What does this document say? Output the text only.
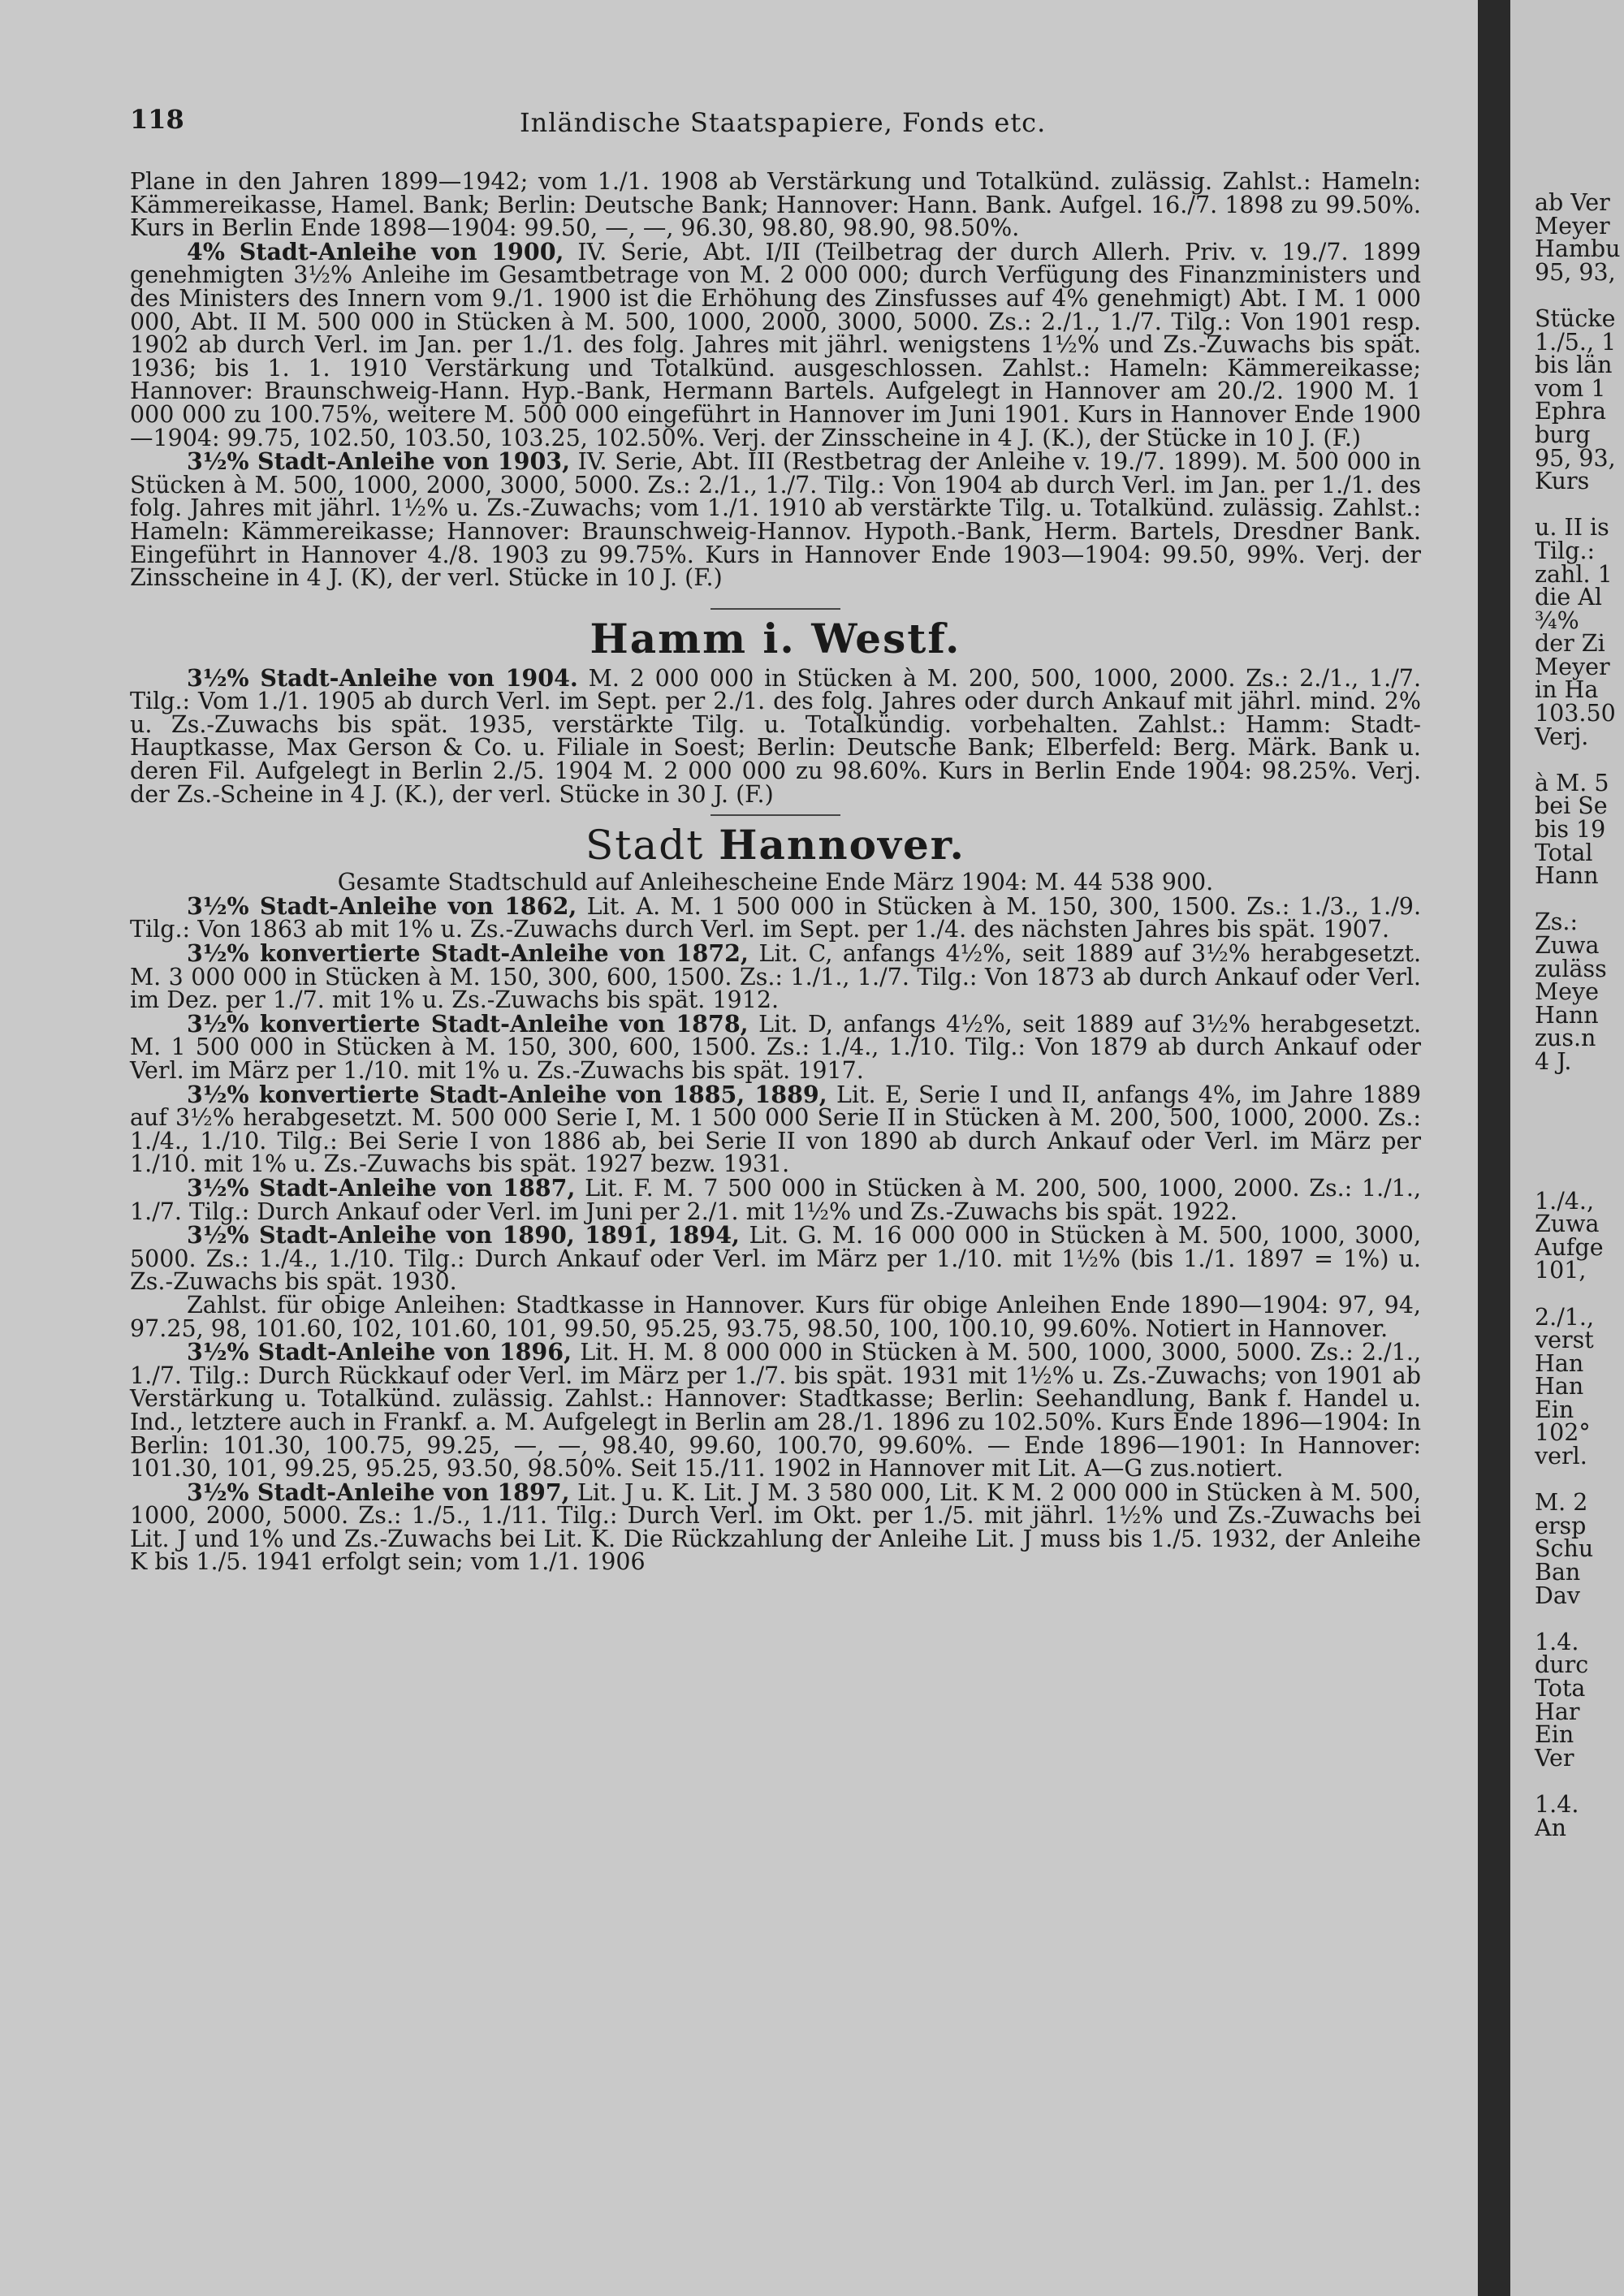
118	Inländische Staatspapiere, Fonds etc.

Plane in den Jahren 1899—1942; vom 1./1. 1908 ab Verstärkung und Totalkünd. zulässig. Zahlst.: Hameln: Kämmereikasse, Hamel. Bank; Berlin: Deutsche Bank; Hannover: Hann. Bank. Aufgel. 16./7. 1898 zu 99.50%. Kurs in Berlin Ende 1898—1904: 99.50, —, —, 96.30, 98.80, 98.90, 98.50%.

4% Stadt-Anleihe von 1900, IV. Serie, Abt. I/II (Teilbetrag der durch Allerh. Priv. v. 19./7. 1899 genehmigten 3½% Anleihe im Gesamtbetrage von M. 2 000 000; durch Verfügung des Finanzministers und des Ministers des Innern vom 9./1. 1900 ist die Erhöhung des Zinsfusses auf 4% genehmigt) Abt. I M. 1 000 000, Abt. II M. 500 000 in Stücken à M. 500, 1000, 2000, 3000, 5000. Zs.: 2./1., 1./7. Tilg.: Von 1901 resp. 1902 ab durch Verl. im Jan. per 1./1. des folg. Jahres mit jährl. wenigstens 1½% und Zs.-Zuwachs bis spät. 1936; bis 1. 1. 1910 Verstärkung und Totalkünd. ausgeschlossen. Zahlst.: Hameln: Kämmereikasse; Hannover: Braunschweig-Hann. Hyp.-Bank, Hermann Bartels. Aufgelegt in Hannover am 20./2. 1900 M. 1 000 000 zu 100.75%, weitere M. 500 000 eingeführt in Hannover im Juni 1901. Kurs in Hannover Ende 1900—1904: 99.75, 102.50, 103.50, 103.25, 102.50%. Verj. der Zinsscheine in 4 J. (K.), der Stücke in 10 J. (F.)

3½% Stadt-Anleihe von 1903, IV. Serie, Abt. III (Restbetrag der Anleihe v. 19./7. 1899). M. 500 000 in Stücken à M. 500, 1000, 2000, 3000, 5000. Zs.: 2./1., 1./7. Tilg.: Von 1904 ab durch Verl. im Jan. per 1./1. des folg. Jahres mit jährl. 1½% u. Zs.-Zuwachs; vom 1./1. 1910 ab verstärkte Tilg. u. Totalkünd. zulässig. Zahlst.: Hameln: Kämmereikasse; Hannover: Braunschweig-Hannov. Hypoth.-Bank, Herm. Bartels, Dresdner Bank. Eingeführt in Hannover 4./8. 1903 zu 99.75%. Kurs in Hannover Ende 1903—1904: 99.50, 99%. Verj. der Zinsscheine in 4 J. (K), der verl. Stücke in 10 J. (F.)

Hamm i. Westf.

3½% Stadt-Anleihe von 1904. M. 2 000 000 in Stücken à M. 200, 500, 1000, 2000. Zs.: 2./1., 1./7. Tilg.: Vom 1./1. 1905 ab durch Verl. im Sept. per 2./1. des folg. Jahres oder durch Ankauf mit jährl. mind. 2% u. Zs.-Zuwachs bis spät. 1935, verstärkte Tilg. u. Totalkündig. vorbehalten. Zahlst.: Hamm: Stadt-Hauptkasse, Max Gerson & Co. u. Filiale in Soest; Berlin: Deutsche Bank; Elberfeld: Berg. Märk. Bank u. deren Fil. Aufgelegt in Berlin 2./5. 1904 M. 2 000 000 zu 98.60%. Kurs in Berlin Ende 1904: 98.25%. Verj. der Zs.-Scheine in 4 J. (K.), der verl. Stücke in 30 J. (F.)

Stadt Hannover.

Gesamte Stadtschuld auf Anleihescheine Ende März 1904: M. 44 538 900.

3½% Stadt-Anleihe von 1862, Lit. A. M. 1 500 000 in Stücken à M. 150, 300, 1500. Zs.: 1./3., 1./9. Tilg.: Von 1863 ab mit 1% u. Zs.-Zuwachs durch Verl. im Sept. per 1./4. des nächsten Jahres bis spät. 1907.

3½% konvertierte Stadt-Anleihe von 1872, Lit. C, anfangs 4½%, seit 1889 auf 3½% herabgesetzt. M. 3 000 000 in Stücken à M. 150, 300, 600, 1500. Zs.: 1./1., 1./7. Tilg.: Von 1873 ab durch Ankauf oder Verl. im Dez. per 1./7. mit 1% u. Zs.-Zuwachs bis spät. 1912.

3½% konvertierte Stadt-Anleihe von 1878, Lit. D, anfangs 4½%, seit 1889 auf 3½% herabgesetzt. M. 1 500 000 in Stücken à M. 150, 300, 600, 1500. Zs.: 1./4., 1./10. Tilg.: Von 1879 ab durch Ankauf oder Verl. im März per 1./10. mit 1% u. Zs.-Zuwachs bis spät. 1917.

3½% konvertierte Stadt-Anleihe von 1885, 1889, Lit. E, Serie I und II, anfangs 4%, im Jahre 1889 auf 3½% herabgesetzt. M. 500 000 Serie I, M. 1 500 000 Serie II in Stücken à M. 200, 500, 1000, 2000. Zs.: 1./4., 1./10. Tilg.: Bei Serie I von 1886 ab, bei Serie II von 1890 ab durch Ankauf oder Verl. im März per 1./10. mit 1% u. Zs.-Zuwachs bis spät. 1927 bezw. 1931.

3½% Stadt-Anleihe von 1887, Lit. F. M. 7 500 000 in Stücken à M. 200, 500, 1000, 2000. Zs.: 1./1., 1./7. Tilg.: Durch Ankauf oder Verl. im Juni per 2./1. mit 1½% und Zs.-Zuwachs bis spät. 1922.

3½% Stadt-Anleihe von 1890, 1891, 1894, Lit. G. M. 16 000 000 in Stücken à M. 500, 1000, 3000, 5000. Zs.: 1./4., 1./10. Tilg.: Durch Ankauf oder Verl. im März per 1./10. mit 1½% (bis 1./1. 1897 = 1%) u. Zs.-Zuwachs bis spät. 1930.

Zahlst. für obige Anleihen: Stadtkasse in Hannover. Kurs für obige Anleihen Ende 1890—1904: 97, 94, 97.25, 98, 101.60, 102, 101.60, 101, 99.50, 95.25, 93.75, 98.50, 100, 100.10, 99.60%. Notiert in Hannover.

3½% Stadt-Anleihe von 1896, Lit. H. M. 8 000 000 in Stücken à M. 500, 1000, 3000, 5000. Zs.: 2./1., 1./7. Tilg.: Durch Rückkauf oder Verl. im März per 1./7. bis spät. 1931 mit 1½% u. Zs.-Zuwachs; von 1901 ab Verstärkung u. Totalkünd. zulässig. Zahlst.: Hannover: Stadtkasse; Berlin: Seehandlung, Bank f. Handel u. Ind., letztere auch in Frankf. a. M. Aufgelegt in Berlin am 28./1. 1896 zu 102.50%. Kurs Ende 1896—1904: In Berlin: 101.30, 100.75, 99.25, —, —, 98.40, 99.60, 100.70, 99.60%. — Ende 1896—1901: In Hannover: 101.30, 101, 99.25, 95.25, 93.50, 98.50%. Seit 15./11. 1902 in Hannover mit Lit. A—G zus.notiert.

3½% Stadt-Anleihe von 1897, Lit. J u. K. Lit. J M. 3 580 000, Lit. K M. 2 000 000 in Stücken à M. 500, 1000, 2000, 5000. Zs.: 1./5., 1./11. Tilg.: Durch Verl. im Okt. per 1./5. mit jährl. 1½% und Zs.-Zuwachs bei Lit. J und 1% und Zs.-Zuwachs bei Lit. K. Die Rückzahlung der Anleihe Lit. J muss bis 1./5. 1932, der Anleihe K bis 1./5. 1941 erfolgt sein; vom 1./1. 1906

ab Ver
Meyer
Hambu
95, 93,
Stücke
1./5., 1
bis län
vom 1
Ephra
burg
95, 93,
Kurs
u. II is
Tilg.:
zahl. 1
die Al
¾%
der Zi
Meyer
in Ha
103.50
Verj.
à M. 5
bei Se
bis 19
Total
Hann
Zs.:
Zuwa
zuläss
Meye
Hann
zus.n
4 J.
1./4.,
Zuwa
Aufge
101,
2./1.,
verst
Han
Han
Ein
102°
verl.
M. 2
ersp
Schu
Ban
Dav
1.4.
durc
Tota
Har
Ein
Ver
1.4.
An
